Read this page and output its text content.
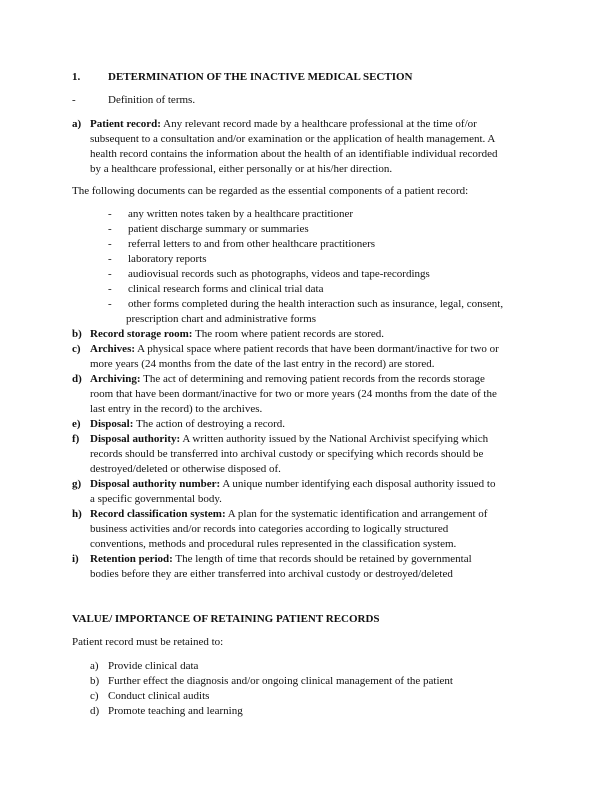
1.	DETERMINATION OF THE INACTIVE MEDICAL SECTION
-	Definition of terms.
a) Patient record: Any relevant record made by a healthcare professional at the time of/or
subsequent to a consultation and/or examination or the application of health management. A
health record contains the information about the health of an identifiable individual recorded
by a healthcare professional, either personally or at his/her direction.
The following documents can be regarded as the essential components of a patient record:
- any written notes taken by a healthcare practitioner
- patient discharge summary or summaries
- referral letters to and from other healthcare practitioners
- laboratory reports
- audiovisual records such as photographs, videos and tape-recordings
- clinical research forms and clinical trial data
- other forms completed during the health interaction such as insurance, legal, consent,
prescription chart and administrative forms
b) Record storage room: The room where patient records are stored.
c) Archives: A physical space where patient records that have been dormant/inactive for two or
more years (24 months from the date of the last entry in the record) are stored.
d) Archiving: The act of determining and removing patient records from the records storage
room that have been dormant/inactive for two or more years (24 months from the date of the
last entry in the record) to the archives.
e) Disposal: The action of destroying a record.
f) Disposal authority: A written authority issued by the National Archivist specifying which
records should be transferred into archival custody or specifying which records should be
destroyed/deleted or otherwise disposed of.
g) Disposal authority number: A unique number identifying each disposal authority issued to
a specific governmental body.
h) Record classification system: A plan for the systematic identification and arrangement of
business activities and/or records into categories according to logically structured
conventions, methods and procedural rules represented in the classification system.
i) Retention period: The length of time that records should be retained by governmental
bodies before they are either transferred into archival custody or destroyed/deleted
VALUE/ IMPORTANCE OF RETAINING PATIENT RECORDS
Patient record must be retained to:
a) Provide clinical data
b) Further effect the diagnosis and/or ongoing clinical management of the patient
c) Conduct clinical audits
d) Promote teaching and learning
